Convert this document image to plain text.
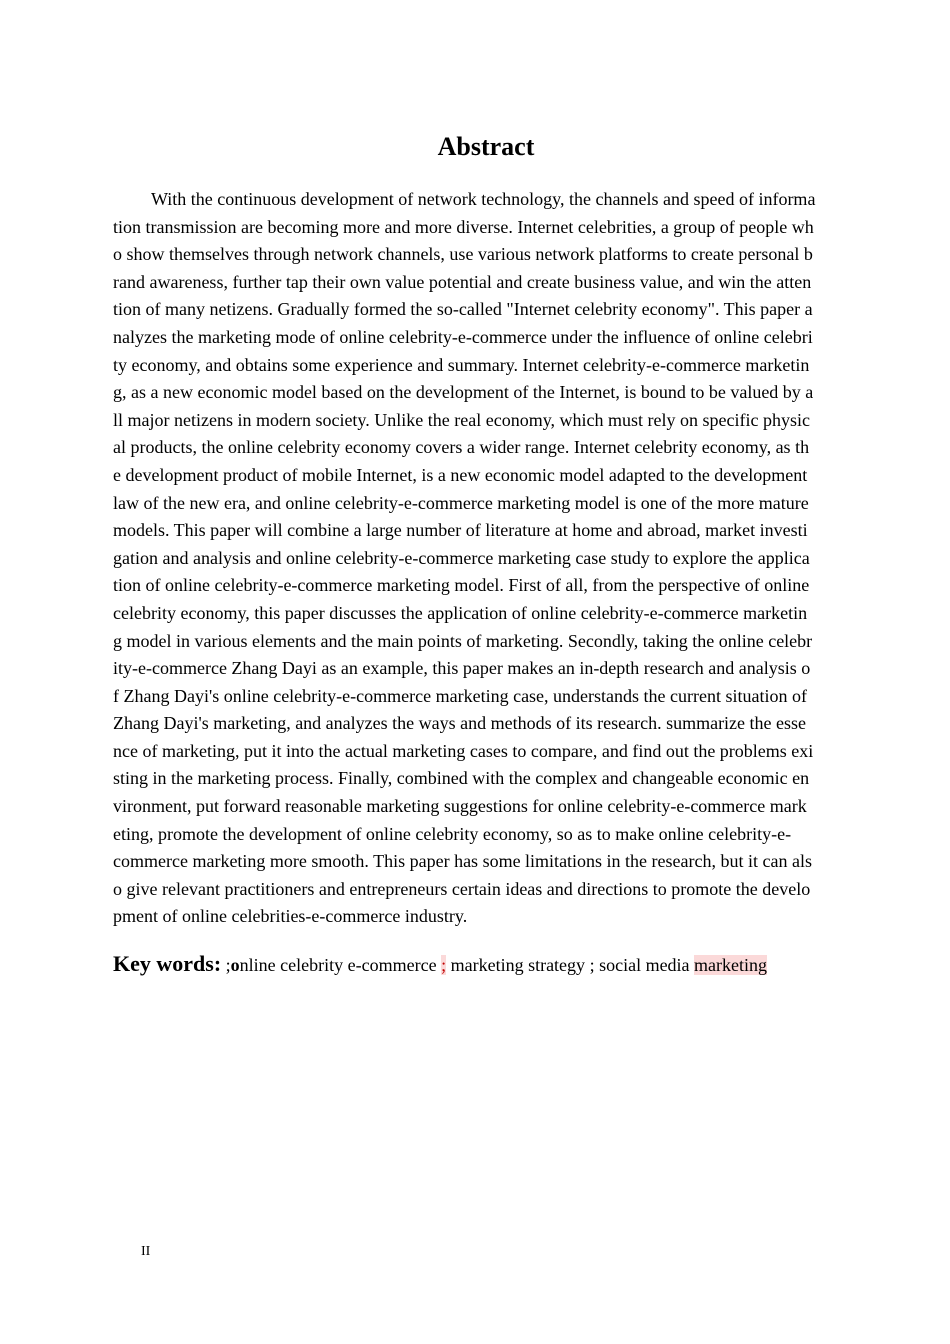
Abstract
With the continuous development of network technology, the channels and speed of informa
tion transmission are becoming more and more diverse. Internet celebrities, a group of people wh
o show themselves through network channels, use various network platforms to create personal b
rand awareness, further tap their own value potential and create business value, and win the atten
tion of many netizens. Gradually formed the so-called "Internet celebrity economy". This paper a
nalyzes the marketing mode of online celebrity-e-commerce under the influence of online celebri
ty economy, and obtains some experience and summary. Internet celebrity-e-commerce marketin
g, as a new economic model based on the development of the Internet, is bound to be valued by a
ll major netizens in modern society. Unlike the real economy, which must rely on specific physic
al products, the online celebrity economy covers a wider range. Internet celebrity economy, as th
e development product of mobile Internet, is a new economic model adapted to the development
law of the new era, and online celebrity-e-commerce marketing model is one of the more mature
models. This paper will combine a large number of literature at home and abroad, market investi
gation and analysis and online celebrity-e-commerce marketing case study to explore the applica
tion of online celebrity-e-commerce marketing model. First of all, from the perspective of online
celebrity economy, this paper discusses the application of online celebrity-e-commerce marketin
g model in various elements and the main points of marketing. Secondly, taking the online celebr
ity-e-commerce Zhang Dayi as an example, this paper makes an in-depth research and analysis o
f Zhang Dayi's online celebrity-e-commerce marketing case, understands the current situation of
Zhang Dayi's marketing, and analyzes the ways and methods of its research. summarize the esse
nce of marketing, put it into the actual marketing cases to compare, and find out the problems exi
sting in the marketing process. Finally, combined with the complex and changeable economic en
vironment, put forward reasonable marketing suggestions for online celebrity-e-commerce mark
eting, promote the development of online celebrity economy, so as to make online celebrity-e-
commerce marketing more smooth. This paper has some limitations in the research, but it can als
o give relevant practitioners and entrepreneurs certain ideas and directions to promote the develo
pment of online celebrities-e-commerce industry.

Key words: ;online celebrity e-commerce ; marketing strategy ; social media marketing

II
